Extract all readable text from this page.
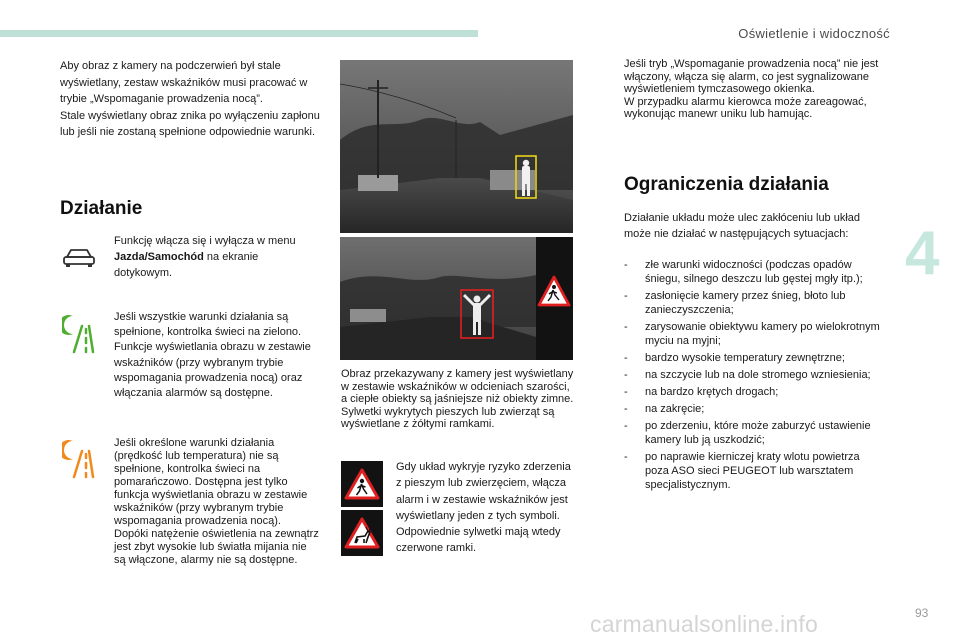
Oświetlenie i widoczność
4
Aby obraz z kamery na podczerwień był stale wyświetlany, zestaw wskaźników musi pracować w trybie „Wspomaganie prowadzenia nocą”.
Stale wyświetlany obraz znika po wyłączeniu zapłonu lub jeśli nie zostaną spełnione odpowiednie warunki.
Działanie
Funkcję włącza się i wyłącza w menu Jazda/Samochód na ekranie dotykowym.
Jeśli wszystkie warunki działania są spełnione, kontrolka świeci na zielono. Funkcje wyświetlania obrazu w zestawie wskaźników (przy wybranym trybie wspomagania prowadzenia nocą) oraz włączania alarmów są dostępne.
Jeśli określone warunki działania (prędkość lub temperatura) nie są spełnione, kontrolka świeci na pomarańczowo. Dostępna jest tylko funkcja wyświetlania obrazu w zestawie wskaźników (przy wybranym trybie wspomagania prowadzenia nocą).
Dopóki natężenie oświetlenia na zewnątrz jest zbyt wysokie lub światła mijania nie są włączone, alarmy nie są dostępne.
Obraz przekazywany z kamery jest wyświetlany w zestawie wskaźników w odcieniach szarości, a ciepłe obiekty są jaśniejsze niż obiekty zimne.
Sylwetki wykrytych pieszych lub zwierząt są wyświetlane z żółtymi ramkami.
Gdy układ wykryje ryzyko zderzenia z pieszym lub zwierzęciem, włącza alarm i w zestawie wskaźników jest wyświetlany jeden z tych symboli. Odpowiednie sylwetki mają wtedy czerwone ramki.
Jeśli tryb „Wspomaganie prowadzenia nocą” nie jest włączony, włącza się alarm, co jest sygnalizowane wyświetleniem tymczasowego okienka.
W przypadku alarmu kierowca może zareagować, wykonując manewr uniku lub hamując.
Ograniczenia działania
Działanie układu może ulec zakłóceniu lub układ może nie działać w następujących sytuacjach:
- złe warunki widoczności (podczas opadów śniegu, silnego deszczu lub gęstej mgły itp.);
- zasłonięcie kamery przez śnieg, błoto lub zanieczyszczenia;
- zarysowanie obiektywu kamery po wielokrotnym myciu na myjni;
- bardzo wysokie temperatury zewnętrzne;
- na szczycie lub na dole stromego wzniesienia;
- na bardzo krętych drogach;
- na zakręcie;
- po zderzeniu, które może zaburzyć ustawienie kamery lub ją uszkodzić;
- po naprawie kierniczej kraty wlotu powietrza poza ASO sieci PEUGEOT lub warsztatem specjalistycznym.
carmanualsonline.info	93
